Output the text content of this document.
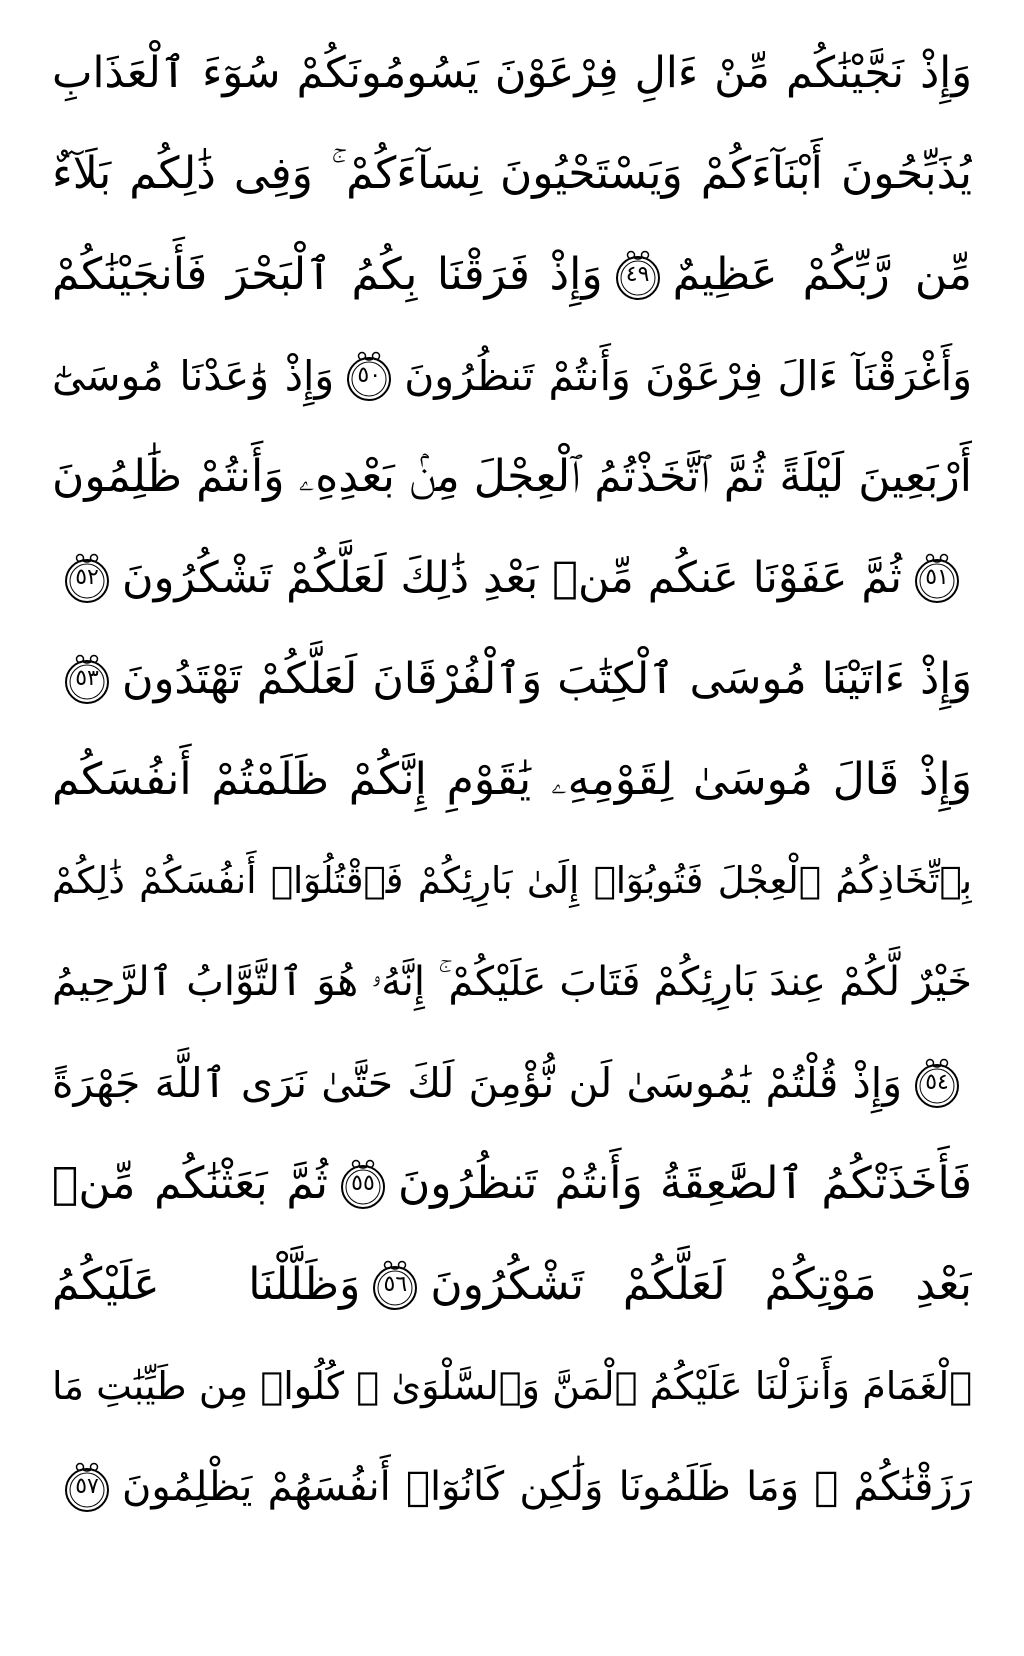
وَإِذْ نَجَّيْنَٰكُم مِّنْ ءَالِ فِرْعَوْنَ يَسُومُونَكُمْ سُوٓءَ ٱلْعَذَابِ
يُذَبِّحُونَ أَبْنَآءَكُمْ وَيَسْتَحْيُونَ نِسَآءَكُمْ ۚ وَفِى ذَٰلِكُم بَلَآءٌ
مِّن رَّبِّكُمْ عَظِيمٌ
٤٩
وَإِذْ فَرَقْنَا بِكُمُ ٱلْبَحْرَ فَأَنجَيْنَٰكُمْ
وَأَغْرَقْنَآ ءَالَ فِرْعَوْنَ وَأَنتُمْ تَنظُرُونَ
٥٠
وَإِذْ وَٰعَدْنَا مُوسَىٰٓ
أَرْبَعِينَ لَيْلَةً ثُمَّ ٱتَّخَذْتُمُ ٱلْعِجْلَ مِنۢ بَعْدِهِۦ وَأَنتُمْ ظَٰلِمُونَ
٥١
ثُمَّ عَفَوْنَا عَنكُم مِّنۢ بَعْدِ ذَٰلِكَ لَعَلَّكُمْ تَشْكُرُونَ
٥٢
وَإِذْ ءَاتَيْنَا مُوسَى ٱلْكِتَٰبَ وَٱلْفُرْقَانَ لَعَلَّكُمْ تَهْتَدُونَ
٥٣
وَإِذْ قَالَ مُوسَىٰ لِقَوْمِهِۦ يَٰقَوْمِ إِنَّكُمْ ظَلَمْتُمْ أَنفُسَكُم
بِٱتِّخَاذِكُمُ ٱلْعِجْلَ فَتُوبُوٓا۟ إِلَىٰ بَارِئِكُمْ فَٱقْتُلُوٓا۟ أَنفُسَكُمْ ذَٰلِكُمْ
خَيْرٌ لَّكُمْ عِندَ بَارِئِكُمْ فَتَابَ عَلَيْكُمْ ۚ إِنَّهُۥ هُوَ ٱلتَّوَّابُ ٱلرَّحِيمُ
٥٤
وَإِذْ قُلْتُمْ يَٰمُوسَىٰ لَن نُّؤْمِنَ لَكَ حَتَّىٰ نَرَى ٱللَّهَ جَهْرَةً
فَأَخَذَتْكُمُ ٱلصَّٰعِقَةُ وَأَنتُمْ تَنظُرُونَ
٥٥
ثُمَّ بَعَثْنَٰكُم مِّنۢ
بَعْدِ مَوْتِكُمْ لَعَلَّكُمْ تَشْكُرُونَ
٥٦
وَظَلَّلْنَا عَلَيْكُمُ
ٱلْغَمَامَ وَأَنزَلْنَا عَلَيْكُمُ ٱلْمَنَّ وَٱلسَّلْوَىٰ ۖ كُلُوا۟ مِن طَيِّبَٰتِ مَا
رَزَقْنَٰكُمْ ۖ وَمَا ظَلَمُونَا وَلَٰكِن كَانُوٓا۟ أَنفُسَهُمْ يَظْلِمُونَ
٥٧
